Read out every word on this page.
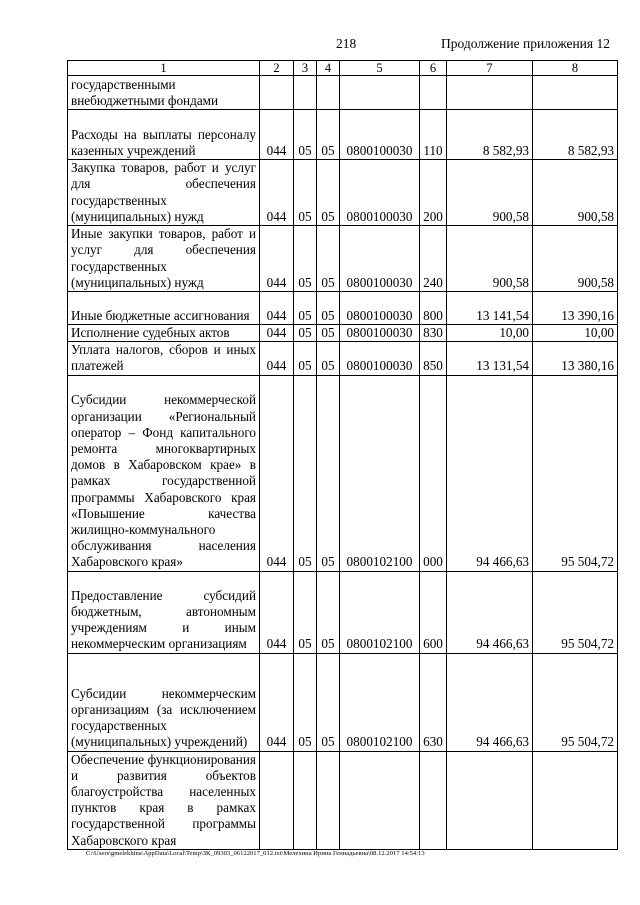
218	Продолжение приложения 12
1	2	3	4	5	6	7	8
государственными внебюджетными фондами							
Расходы на выплаты персоналу казенных учреждений	044	05	05	0800100030	110	8 582,93	8 582,93
Закупка товаров, работ и услуг для обеспечения государственных (муниципальных) нужд	044	05	05	0800100030	200	900,58	900,58
Иные закупки товаров, работ и услуг для обеспечения государственных (муниципальных) нужд	044	05	05	0800100030	240	900,58	900,58
Иные бюджетные ассигнования	044	05	05	0800100030	800	13 141,54	13 390,16
Исполнение судебных актов	044	05	05	0800100030	830	10,00	10,00
Уплата налогов, сборов и иных платежей	044	05	05	0800100030	850	13 131,54	13 380,16
Субсидии некоммерческой организации «Региональный оператор – Фонд капитального ремонта многоквартирных домов в Хабаровском крае» в рамках государственной программы Хабаровского края «Повышение качества жилищно-коммунального обслуживания населения Хабаровского края»	044	05	05	0800102100	000	94 466,63	95 504,72
Предоставление субсидий бюджетным, автономным учреждениям и иным некоммерческим организациям	044	05	05	0800102100	600	94 466,63	95 504,72
Субсидии некоммерческим организациям (за исключением государственных (муниципальных) учреждений)	044	05	05	0800102100	630	94 466,63	95 504,72
Обеспечение функционирования и развития объектов благоустройства населенных пунктов края в рамках государственной программы Хабаровского края							
C:\Users\gmelekhina\AppData\Local\Temp\ЗК_09303_06122017_012.txt\Мелехина Ирина Геннадьевна\08.12.2017 14:54:13
